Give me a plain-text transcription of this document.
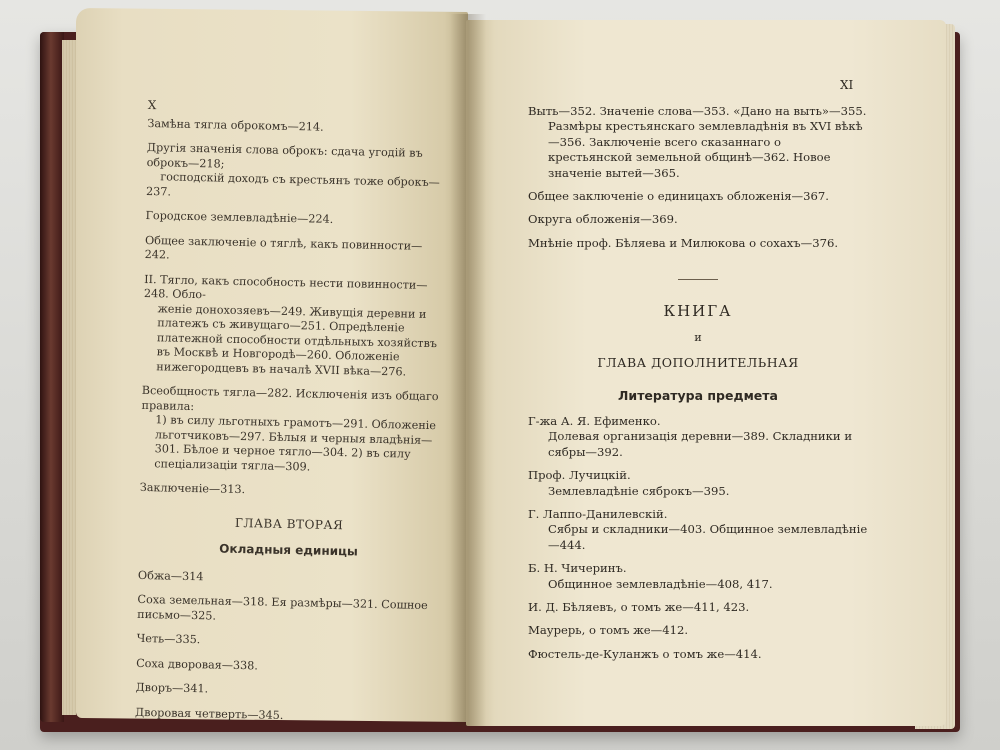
X

Замѣна тягла оброкомъ—214.

Другія значенія слова оброкъ: сдача угодій въ оброкъ—218;
господскій доходъ съ крестьянъ тоже оброкъ—237.

Городское землевладѣніе—224.

Общее заключеніе о тяглѣ, какъ повинности—242.

II. Тягло, какъ способность нести повинности—248. Обло-

женіе донохозяевъ—249. Живущія деревни и платежъ съ живущаго—251. Опредѣленіе платежной способности отдѣльныхъ хозяйствъ въ Москвѣ и Новгородѣ—260. Обложеніе нижегородцевъ въ началѣ XVII вѣка—276.

Всеобщность тягла—282. Исключенія изъ общаго правила:

1) въ силу льготныхъ грамотъ—291. Обложеніе льготчиковъ—297. Бѣлыя и черныя владѣнія—301. Бѣлое и черное тягло—304. 2) въ силу спеціализаціи тягла—309.

Заключеніе—313.

ГЛАВА ВТОРАЯ
Окладныя единицы

Обжа—314

Соха земельная—318. Ея размѣры—321. Сошное письмо—325.

Четь—335.

Соха дворовая—338.

Дворъ—341.

Дворовая четверть—345.

XI

Выть—352. Значеніе слова—353. «Дано на выть»—355.
Размѣры крестьянскаго землевладѣнія въ XVI вѣкѣ—356. Заключеніе всего сказаннаго о крестьянской земельной общинѣ—362. Новое значеніе вытей—365.

Общее заключеніе о единицахъ обложенія—367.

Округа обложенія—369.

Мнѣніе проф. Бѣляева и Милюкова о сохахъ—376.

КНИГА
и
ГЛАВА ДОПОЛНИТЕЛЬНАЯ
Литература предмета

Г-жа А. Я. Ефименко.
Долевая организація деревни—389. Складники и сябры—392.

Проф. Лучицкій.
Землевладѣніе сяброкъ—395.

Г. Лаппо-Данилевскій.
Сябры и складники—403. Общинное землевладѣніе—444.

Б. Н. Чичеринъ.
Общинное землевладѣніе—408, 417.

И. Д. Бѣляевъ, о томъ же—411, 423.

Маурерь, о томъ же—412.

Фюстель-де-Куланжъ о томъ же—414.
